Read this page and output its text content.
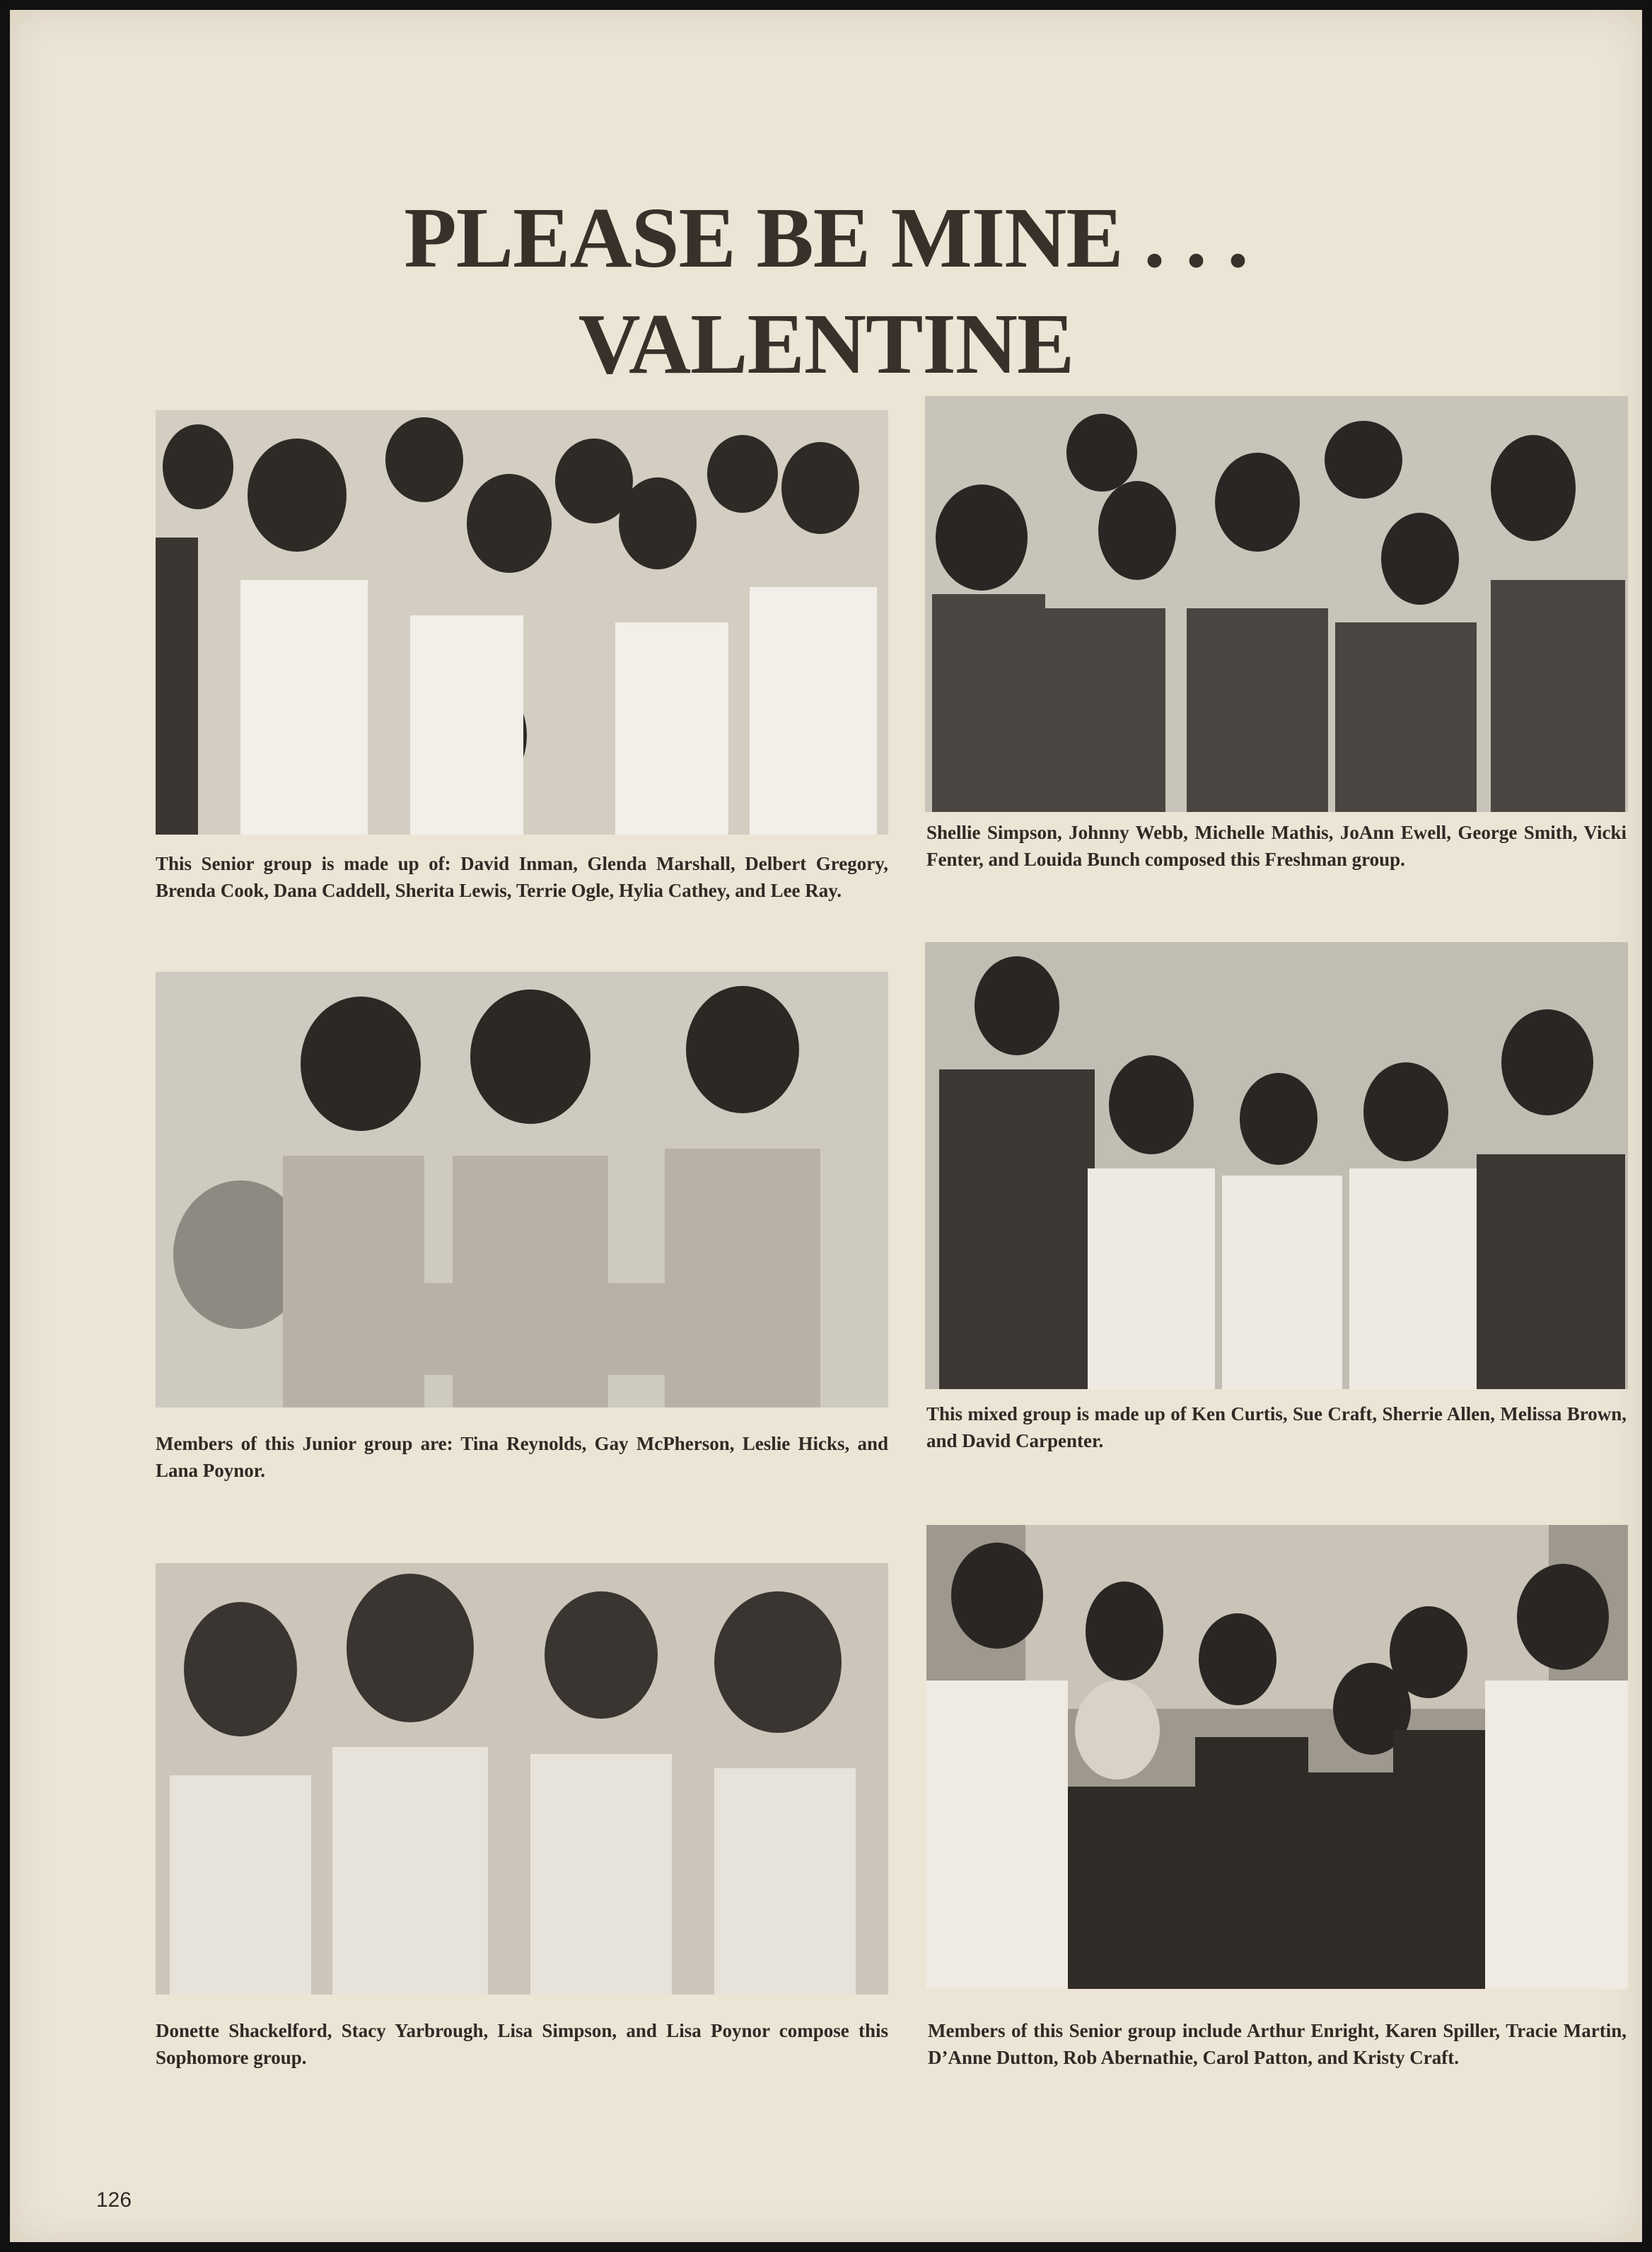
PLEASE BE MINE . . .
VALENTINE
This Senior group is made up of: David Inman, Glenda Marshall, Delbert Gregory, Brenda Cook, Dana Caddell, Sherita Lewis, Terrie Ogle, Hylia Cathey, and Lee Ray.
Shellie Simpson, Johnny Webb, Michelle Mathis, JoAnn Ewell, George Smith, Vicki Fenter, and Louida Bunch composed this Freshman group.
Members of this Junior group are: Tina Reynolds, Gay McPherson, Leslie Hicks, and Lana Poynor.
This mixed group is made up of Ken Curtis, Sue Craft, Sherrie Allen, Melissa Brown, and David Carpenter.
Donette Shackelford, Stacy Yarbrough, Lisa Simpson, and Lisa Poynor compose this Sophomore group.
Members of this Senior group include Arthur Enright, Karen Spiller, Tracie Martin, D’Anne Dutton, Rob Abernathie, Carol Patton, and Kristy Craft.
126
